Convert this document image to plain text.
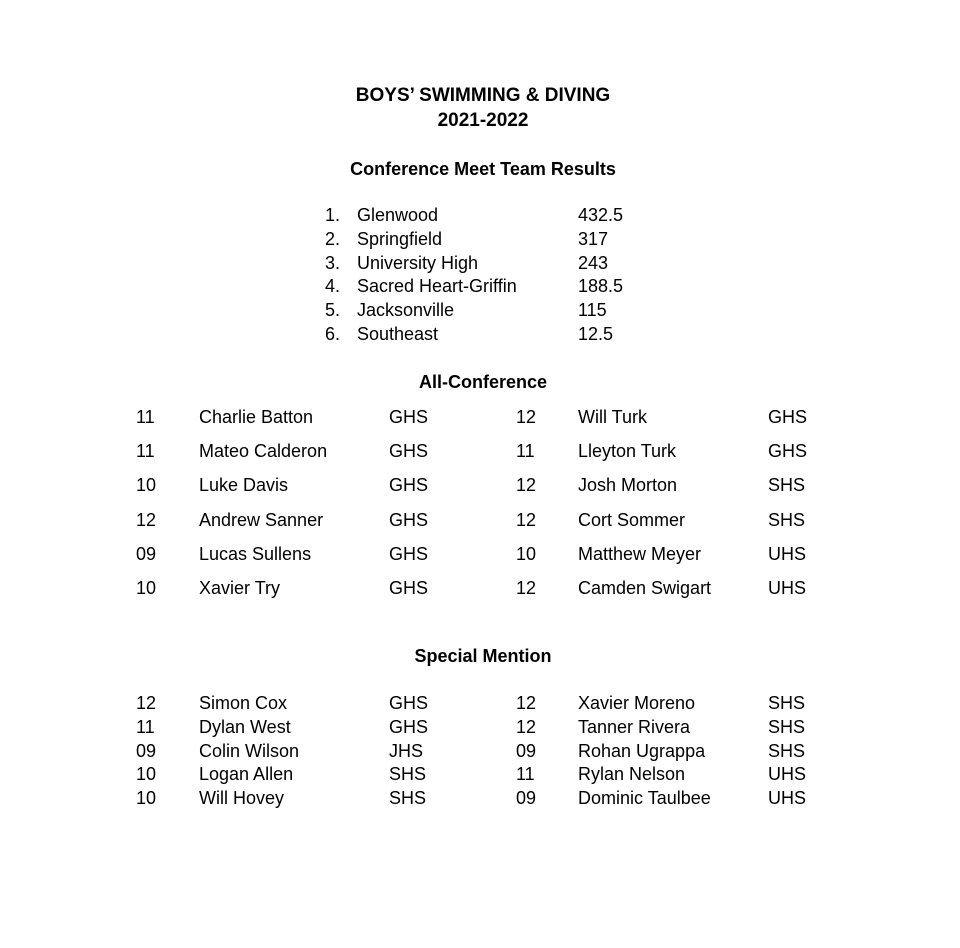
BOYS’ SWIMMING & DIVING
2021-2022
Conference Meet Team Results
1. Glenwood	432.5
2. Springfield	317
3. University High	243
4. Sacred Heart-Griffin	188.5
5. Jacksonville	115
6. Southeast	12.5
All-Conference
11 Charlie Batton	GHS	12 Will Turk	GHS
11 Mateo Calderon	GHS	11 Lleyton Turk	GHS
10 Luke Davis	GHS	12 Josh Morton	SHS
12 Andrew Sanner	GHS	12 Cort Sommer	SHS
09 Lucas Sullens	GHS	10 Matthew Meyer	UHS
10 Xavier Try	GHS	12 Camden Swigart	UHS
Special Mention
12 Simon Cox	GHS	12 Xavier Moreno	SHS
11 Dylan West	GHS	12 Tanner Rivera	SHS
09 Colin Wilson	JHS	09 Rohan Ugrappa	SHS
10 Logan Allen	SHS	11 Rylan Nelson	UHS
10 Will Hovey	SHS	09 Dominic Taulbee	UHS
